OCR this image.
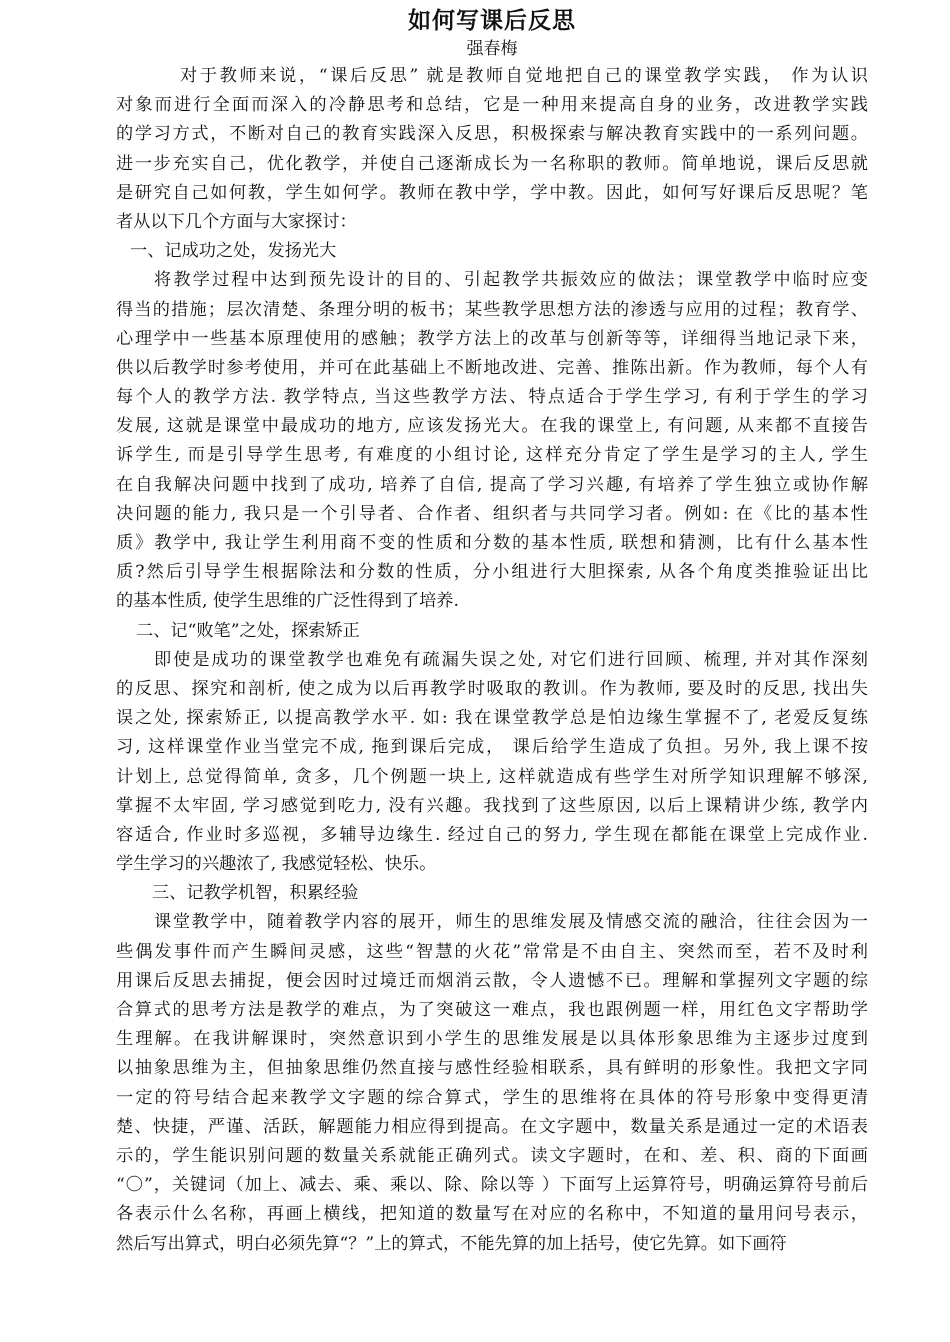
如何写课后反思
强春梅
对于教师来说，“课后反思” 就是教师自觉地把自己的课堂教学实践， 作为认识
对象而进行全面而深入的冷静思考和总结，它是一种用来提高自身的业务，改进教学实践
的学习方式，不断对自己的教育实践深入反思，积极探索与解决教育实践中的一系列问题。
进一步充实自己，优化教学，并使自己逐渐成长为一名称职的教师。简单地说，课后反思就
是研究自己如何教，学生如何学。教师在教中学，学中教。因此，如何写好课后反思呢？笔
者从以下几个方面与大家探讨：
一、记成功之处，发扬光大
将教学过程中达到预先设计的目的、引起教学共振效应的做法；课堂教学中临时应变
得当的措施；层次清楚、条理分明的板书；某些教学思想方法的渗透与应用的过程；教育学、
心理学中一些基本原理使用的感触；教学方法上的改革与创新等等，详细得当地记录下来，
供以后教学时参考使用，并可在此基础上不断地改进、完善、推陈出新。作为教师，每个人有
每个人的教学方法. 教学特点, 当这些教学方法、特点适合于学生学习, 有利于学生的学习
发展, 这就是课堂中最成功的地方, 应该发扬光大。在我的课堂上, 有问题, 从来都不直接告
诉学生, 而是引导学生思考, 有难度的小组讨论, 这样充分肯定了学生是学习的主人, 学生
在自我解决问题中找到了成功, 培养了自信, 提高了学习兴趣, 有培养了学生独立或协作解
决问题的能力, 我只是一个引导者、合作者、组织者与共同学习者。例如: 在《比的基本性
质》教学中, 我让学生利用商不变的性质和分数的基本性质, 联想和猜测，比有什么基本性
质?然后引导学生根据除法和分数的性质，分小组进行大胆探索, 从各个角度类推验证出比
的基本性质, 使学生思维的广泛性得到了培养.
二、记“败笔”之处，探索矫正
即使是成功的课堂教学也难免有疏漏失误之处, 对它们进行回顾、梳理, 并对其作深刻
的反思、探究和剖析, 使之成为以后再教学时吸取的教训。作为教师, 要及时的反思, 找出失
误之处, 探索矫正, 以提高教学水平. 如: 我在课堂教学总是怕边缘生掌握不了, 老爱反复练
习, 这样课堂作业当堂完不成, 拖到课后完成， 课后给学生造成了负担。另外, 我上课不按
计划上, 总觉得简单, 贪多，几个例题一块上, 这样就造成有些学生对所学知识理解不够深,
掌握不太牢固, 学习感觉到吃力, 没有兴趣。我找到了这些原因, 以后上课精讲少练, 教学内
容适合, 作业时多巡视，多辅导边缘生. 经过自己的努力, 学生现在都能在课堂上完成作业.
学生学习的兴趣浓了, 我感觉轻松、快乐。
三、记教学机智，积累经验
课堂教学中，随着教学内容的展开，师生的思维发展及情感交流的融洽，往往会因为一
些偶发事件而产生瞬间灵感，这些“智慧的火花”常常是不由自主、突然而至，若不及时利
用课后反思去捕捉，便会因时过境迁而烟消云散，令人遗憾不已。理解和掌握列文字题的综
合算式的思考方法是教学的难点，为了突破这一难点，我也跟例题一样，用红色文字帮助学
生理解。在我讲解课时，突然意识到小学生的思维发展是以具体形象思维为主逐步过度到
以抽象思维为主，但抽象思维仍然直接与感性经验相联系，具有鲜明的形象性。我把文字同
一定的符号结合起来教学文字题的综合算式，学生的思维将在具体的符号形象中变得更清
楚、快捷，严谨、活跃，解题能力相应得到提高。在文字题中，数量关系是通过一定的术语表
示的，学生能识别问题的数量关系就能正确列式。读文字题时，在和、差、积、商的下面画
“〇”，关键词（加上、减去、乘、乘以、除、除以等 ）下面写上运算符号，明确运算符号前后
各表示什么名称，再画上横线，把知道的数量写在对应的名称中，不知道的量用问号表示，
然后写出算式，明白必须先算“？”上的算式，不能先算的加上括号，使它先算。如下画符
